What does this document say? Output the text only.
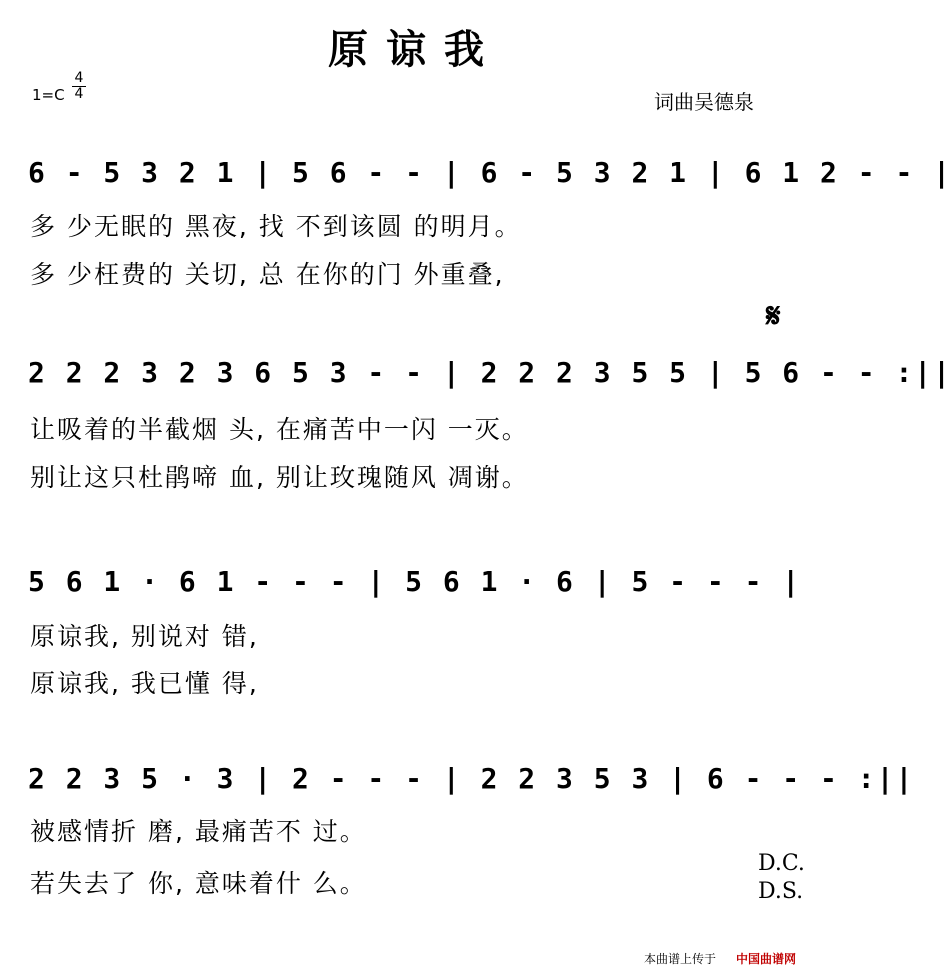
原谅我
1=C
4
4	词曲吴德泉
6 - 5 3 2 1 | 5 6 - - | 6 - 5 3 2 1 | 6 1 2 - - |
多 少无眠的 黑夜, 找 不到该圆 的明月。
多 少枉费的 关切, 总 在你的门 外重叠,
𝄋
2 2 2 3 2 3 6 5 3 - - | 2 2 2 3 5 5 | 5 6 - - :||
让吸着的半截烟 头, 在痛苦中一闪 一灭。
别让这只杜鹃啼 血, 别让玫瑰随风 凋谢。
5 6 1 · 6 1 - - - | 5 6 1 · 6 | 5 - - - |
原谅我, 别说对 错,
原谅我, 我已懂 得,
2 2 3 5 · 3 | 2 - - - | 2 2 3 5 3 | 6 - - - :||
被感情折 磨, 最痛苦不 过。
若失去了 你, 意味着什 么。
D.C.
D.S.
本曲谱上传于 中国曲谱网
